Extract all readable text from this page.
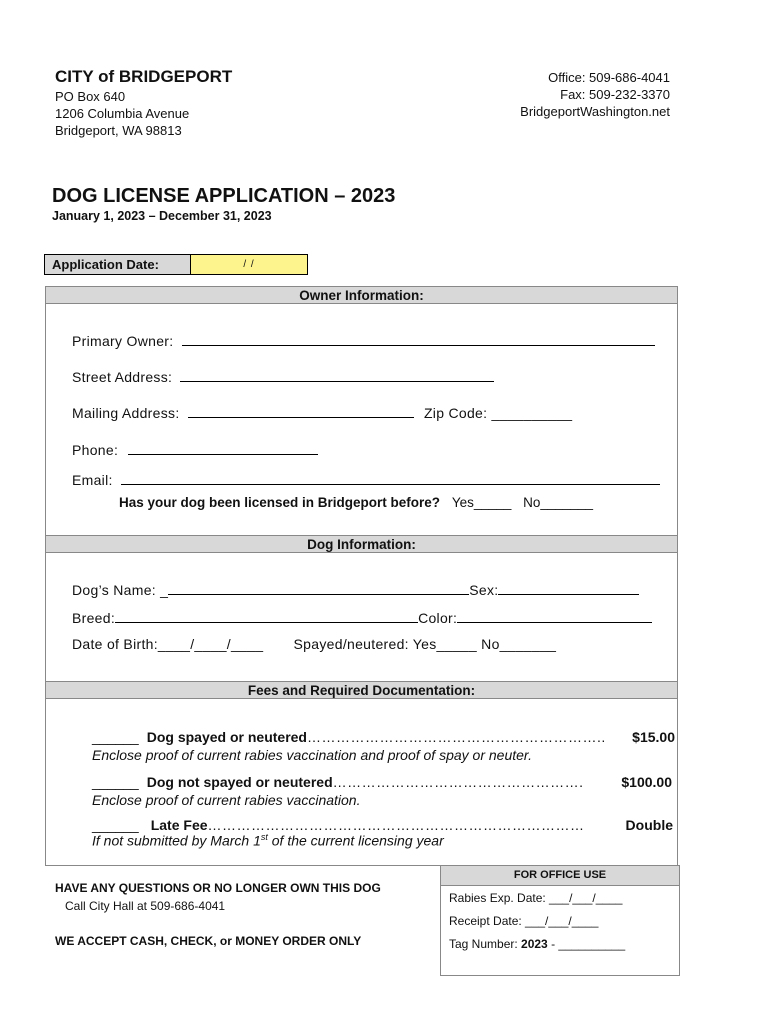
CITY of BRIDGEPORT
PO Box 640
1206 Columbia Avenue
Bridgeport, WA 98813
Office: 509-686-4041
Fax: 509-232-3370
BridgeportWashington.net
DOG LICENSE APPLICATION – 2023
January 1, 2023 – December 31, 2023
Application Date:	/ /
Owner Information:
Primary Owner:
Street Address:
Mailing Address:	Zip Code: __________
Phone:
Email:
Has your dog been licensed in Bridgeport before? Yes_____ No_______
Dog Information:
Dog’s Name: _	Sex:
Breed:	Color:
Date of Birth:____/____/____ Spayed/neutered: Yes_____ No_______
Fees and Required Documentation:
______ Dog spayed or neutered ……………………………………………………..	$15.00
Enclose proof of current rabies vaccination and proof of spay or neuter.
______ Dog not spayed or neutered …………………………………………….	$100.00
Enclose proof of current rabies vaccination.
______ Late Fee ……………………………………………………………………	Double
If not submitted by March 1st of the current licensing year
HAVE ANY QUESTIONS OR NO LONGER OWN THIS DOG
Call City Hall at 509-686-4041
WE ACCEPT CASH, CHECK, or MONEY ORDER ONLY
FOR OFFICE USE
Rabies Exp. Date: ___/___/____
Receipt Date: ___/___/____
Tag Number: 2023 - __________
